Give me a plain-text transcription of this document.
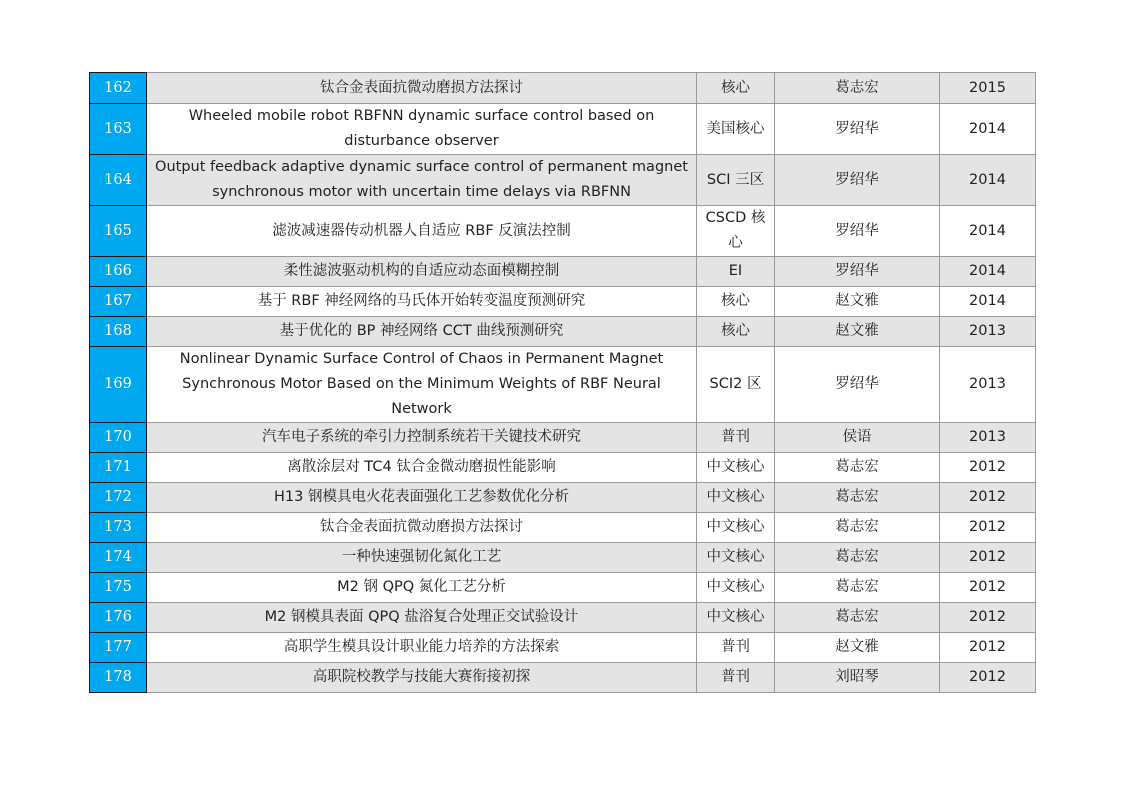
162	钛合金表面抗微动磨损方法探讨	核心	葛志宏	2015
163	Wheeled mobile robot RBFNN dynamic surface control based on
disturbance observer	美国核心	罗绍华	2014
164	Output feedback adaptive dynamic surface control of permanent magnet
synchronous motor with uncertain time delays via RBFNN	SCI 三区	罗绍华	2014
165	滤波减速器传动机器人自适应 RBF 反演法控制	CSCD 核
心	罗绍华	2014
166	柔性滤波驱动机构的自适应动态面模糊控制	EI	罗绍华	2014
167	基于 RBF 神经网络的马氏体开始转变温度预测研究	核心	赵文雅	2014
168	基于优化的 BP 神经网络 CCT 曲线预测研究	核心	赵文雅	2013
169	Nonlinear Dynamic Surface Control of Chaos in Permanent Magnet
Synchronous Motor Based on the Minimum Weights of RBF Neural
Network	SCI2 区	罗绍华	2013
170	汽车电子系统的牵引力控制系统若干关键技术研究	普刊	侯语	2013
171	离散涂层对 TC4 钛合金微动磨损性能影响	中文核心	葛志宏	2012
172	H13 钢模具电火花表面强化工艺参数优化分析	中文核心	葛志宏	2012
173	钛合金表面抗微动磨损方法探讨	中文核心	葛志宏	2012
174	一种快速强韧化氮化工艺	中文核心	葛志宏	2012
175	M2 钢 QPQ 氮化工艺分析	中文核心	葛志宏	2012
176	M2 钢模具表面 QPQ 盐浴复合处理正交试验设计	中文核心	葛志宏	2012
177	高职学生模具设计职业能力培养的方法探索	普刊	赵文雅	2012
178	高职院校教学与技能大赛衔接初探	普刊	刘昭琴	2012
